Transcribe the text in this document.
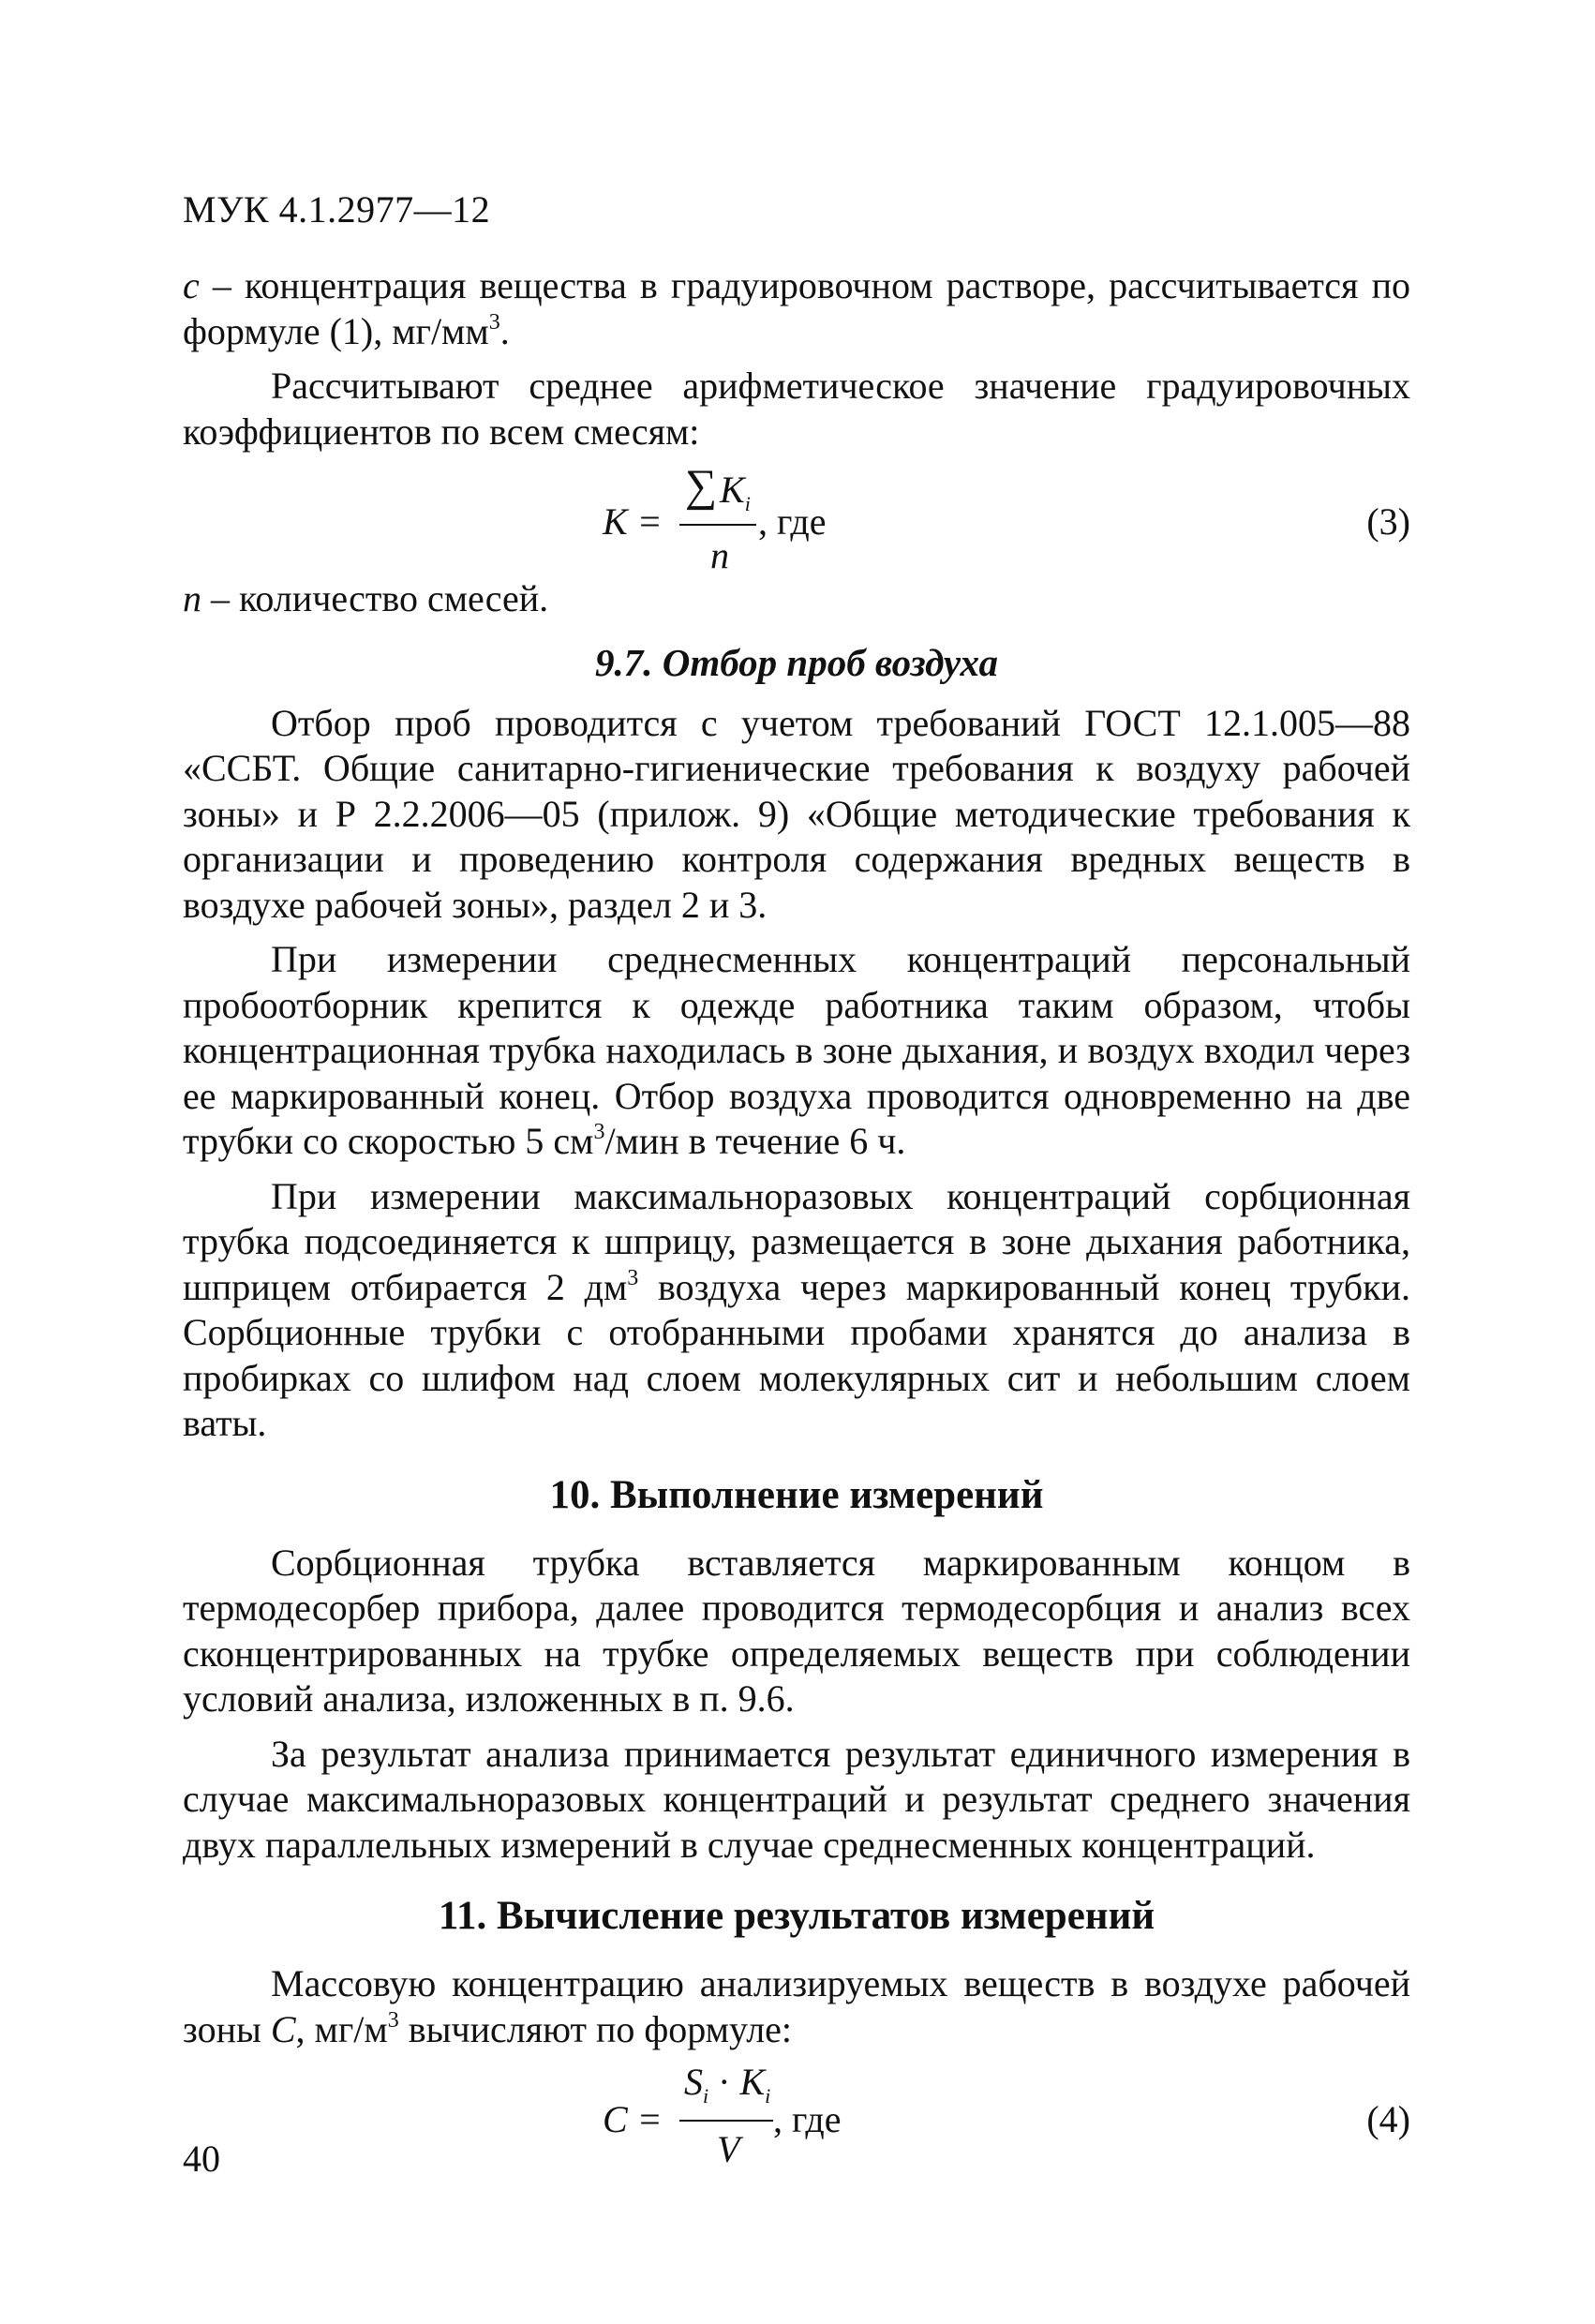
МУК 4.1.2977—12

с – концентрация вещества в градуировочном растворе, рассчитывается по формуле (1), $мг/мм^3$.

Рассчитывают среднее арифметическое значение градуировочных коэффициентов по всем смесям:

K =
∑ $K_i$
n
, где	(3)

n – количество смесей.

9.7. Отбор проб воздуха

Отбор проб проводится с учетом требований ГОСТ 12.1.005—88 «ССБТ. Общие санитарно-гигиенические требования к воздуху рабочей зоны» и Р 2.2.2006—05 (прилож. 9) «Общие методические требования к организации и проведению контроля содержания вредных веществ в воздухе рабочей зоны», раздел 2 и 3.

При измерении среднесменных концентраций персональный пробоотборник крепится к одежде работника таким образом, чтобы концентрационная трубка находилась в зоне дыхания, и воздух входил через ее маркированный конец. Отбор воздуха проводится одновременно на две трубки со скоростью 5 $см^3$/мин в течение 6 ч.

При измерении максимальноразовых концентраций сорбционная трубка подсоединяется к шприцу, размещается в зоне дыхания работника, шприцем отбирается 2 $дм^3$ воздуха через маркированный конец трубки. Сорбционные трубки с отобранными пробами хранятся до анализа в пробирках со шлифом над слоем молекулярных сит и небольшим слоем ваты.

10. Выполнение измерений

Сорбционная трубка вставляется маркированным концом в термодесорбер прибора, далее проводится термодесорбция и анализ всех сконцентрированных на трубке определяемых веществ при соблюдении условий анализа, изложенных в п. 9.6.

За результат анализа принимается результат единичного измерения в случае максимальноразовых концентраций и результат среднего значения двух параллельных измерений в случае среднесменных концентраций.

11. Вычисление результатов измерений

Массовую концентрацию анализируемых веществ в воздухе рабочей зоны С, $мг/м^3$ вычисляют по формуле:

C =
$S_i \cdot K_i$
V
, где	(4)
40
